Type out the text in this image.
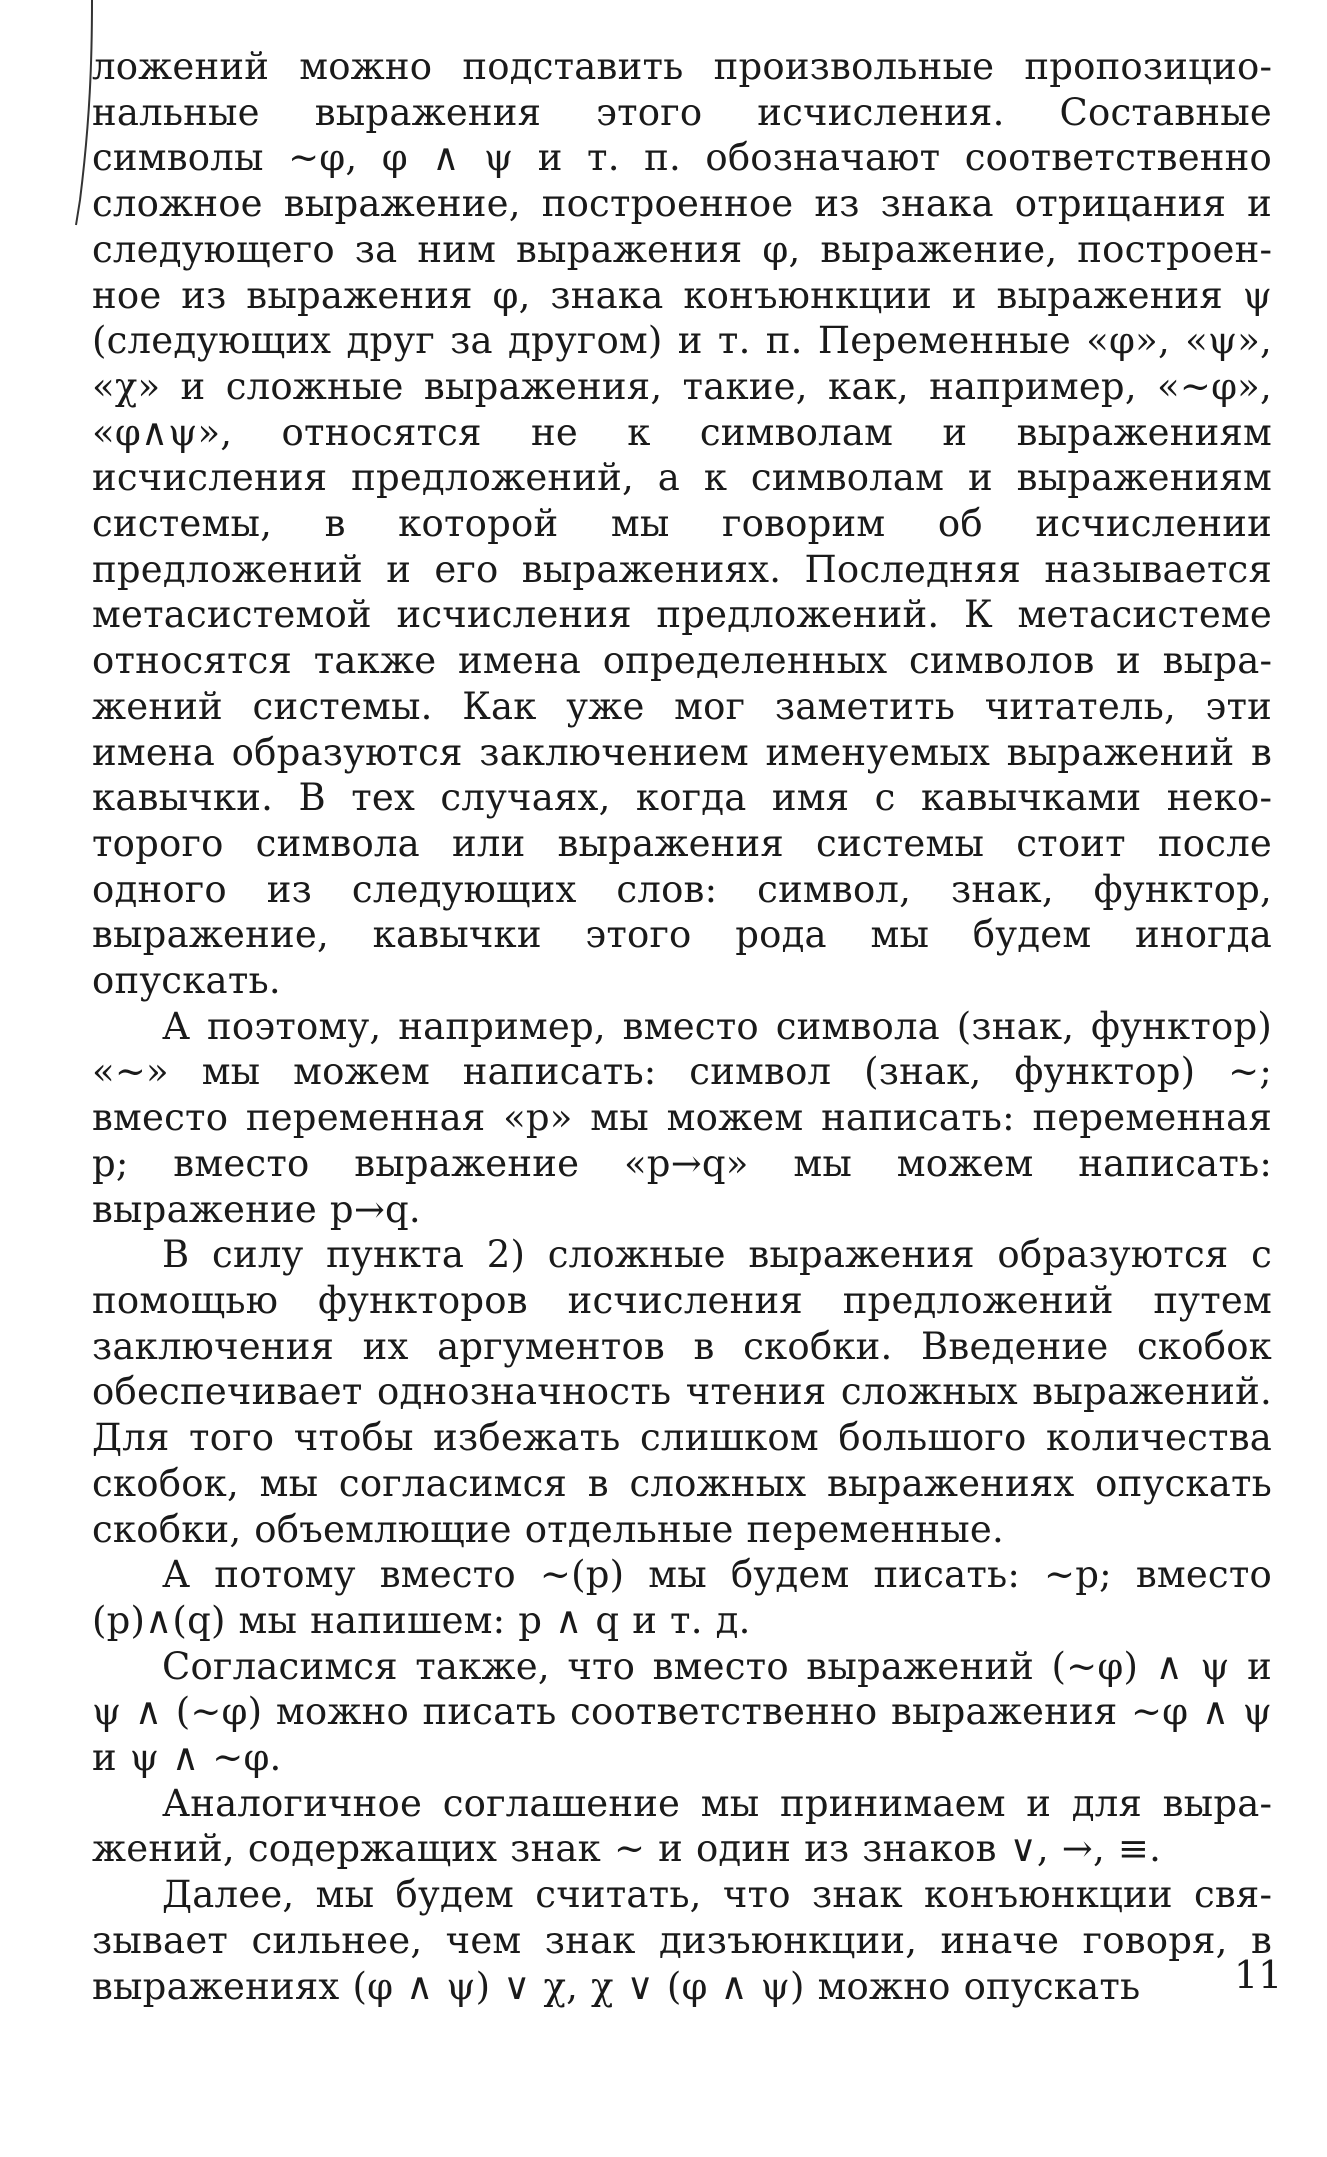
ложений можно подставить произвольные пропозициональные выражения этого исчисления. Составные символы ~φ, φ ∧ ψ и т. п. обозначают соответственно сложное выражение, построенное из знака отрицания и следующего за ним выражения φ, выражение, построенное из выражения φ, знака конъюнкции и выражения ψ (следующих друг за другом) и т. п. Переменные «φ», «ψ», «χ» и сложные выражения, такие, как, например, «~φ», «φ∧ψ», относятся не к символам и выражениям исчисления предложений, а к символам и выражениям системы, в которой мы говорим об исчислении предложений и его выражениях. Последняя называется метасистемой исчисления предложений. К метасистеме относятся также имена определенных символов и выражений системы. Как уже мог заметить читатель, эти имена образуются заключением именуемых выражений в кавычки. В тех случаях, когда имя с кавычками некоторого символа или выражения системы стоит после одного из следующих слов: символ, знак, функтор, выражение, кавычки этого рода мы будем иногда опускать.

А поэтому, например, вместо символа (знак, функтор) «~» мы можем написать: символ (знак, функтор) ~; вместо переменная «p» мы можем написать: переменная p; вместо выражение «p→q» мы можем написать: выражение p→q.

В силу пункта 2) сложные выражения образуются с помощью функторов исчисления предложений путем заключения их аргументов в скобки. Введение скобок обеспечивает однозначность чтения сложных выражений. Для того чтобы избежать слишком большого количества скобок, мы согласимся в сложных выражениях опускать скобки, объемлющие отдельные переменные.

А потому вместо ~(p) мы будем писать: ~p; вместо (p)∧(q) мы напишем: p ∧ q и т. д.

Согласимся также, что вместо выражений (~φ) ∧ ψ и ψ ∧ (~φ) можно писать соответственно выражения ~φ ∧ ψ и ψ ∧ ~φ.

Аналогичное соглашение мы принимаем и для выражений, содержащих знак ~ и один из знаков ∨, →, ≡.

Далее, мы будем считать, что знак конъюнкции связывает сильнее, чем знак дизъюнкции, иначе говоря, в выражениях (φ ∧ ψ) ∨ χ, χ ∨ (φ ∧ ψ) можно опускать	11
